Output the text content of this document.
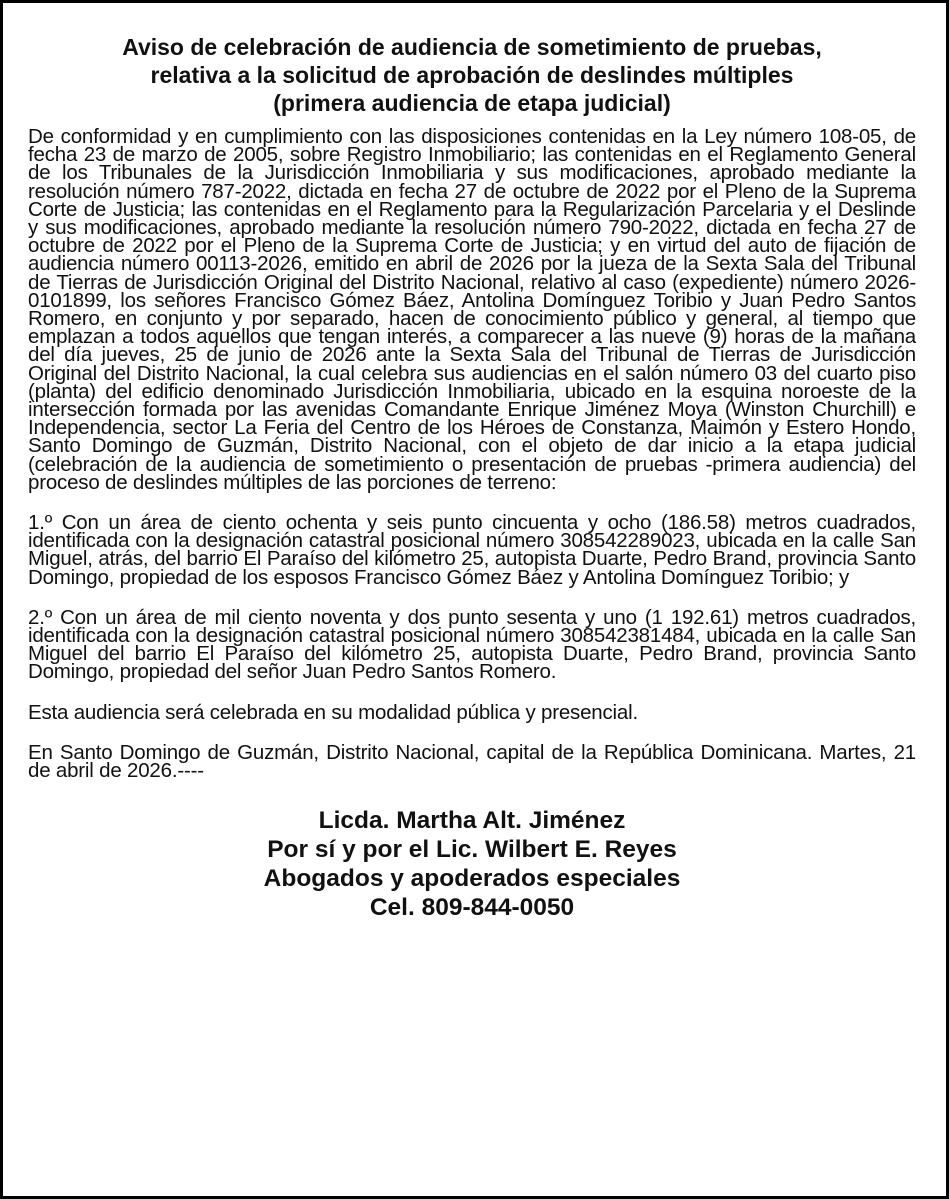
Aviso de celebración de audiencia de sometimiento de pruebas,
relativa a la solicitud de aprobación de deslindes múltiples
(primera audiencia de etapa judicial)

De conformidad y en cumplimiento con las disposiciones contenidas en la Ley número 108-05, de fecha 23 de marzo de 2005, sobre Registro Inmobiliario; las contenidas en el Reglamento General de los Tribunales de la Jurisdicción Inmobiliaria y sus modificaciones, aprobado mediante la resolución número 787-2022, dictada en fecha 27 de octubre de 2022 por el Pleno de la Suprema Corte de Justicia; las contenidas en el Reglamento para la Regularización Parcelaria y el Deslinde y sus modificaciones, aprobado mediante la resolución número 790-2022, dictada en fecha 27 de octubre de 2022 por el Pleno de la Suprema Corte de Justicia; y en virtud del auto de fijación de audiencia número 00113-2026, emitido en abril de 2026 por la jueza de la Sexta Sala del Tribunal de Tierras de Jurisdicción Original del Distrito Nacional, relativo al caso (expediente) número 2026-0101899, los señores Francisco Gómez Báez, Antolina Domínguez Toribio y Juan Pedro Santos Romero, en conjunto y por separado, hacen de conocimiento público y general, al tiempo que emplazan a todos aquellos que tengan interés, a comparecer a las nueve (9) horas de la mañana del día jueves, 25 de junio de 2026 ante la Sexta Sala del Tribunal de Tierras de Jurisdicción Original del Distrito Nacional, la cual celebra sus audiencias en el salón número 03 del cuarto piso (planta) del edificio denominado Jurisdicción Inmobiliaria, ubicado en la esquina noroeste de la intersección formada por las avenidas Comandante Enrique Jiménez Moya (Winston Churchill) e Independencia, sector La Feria del Centro de los Héroes de Constanza, Maimón y Estero Hondo, Santo Domingo de Guzmán, Distrito Nacional, con el objeto de dar inicio a la etapa judicial (celebración de la audiencia de sometimiento o presentación de pruebas -primera audiencia) del proceso de deslindes múltiples de las porciones de terreno:

1.º Con un área de ciento ochenta y seis punto cincuenta y ocho (186.58) metros cuadrados, identificada con la designación catastral posicional número 308542289023, ubicada en la calle San Miguel, atrás, del barrio El Paraíso del kilómetro 25, autopista Duarte, Pedro Brand, provincia Santo Domingo, propiedad de los esposos Francisco Gómez Báez y Antolina Domínguez Toribio; y

2.º Con un área de mil ciento noventa y dos punto sesenta y uno (1 192.61) metros cuadrados, identificada con la designación catastral posicional número 308542381484, ubicada en la calle San Miguel del barrio El Paraíso del kilómetro 25, autopista Duarte, Pedro Brand, provincia Santo Domingo, propiedad del señor Juan Pedro Santos Romero.

Esta audiencia será celebrada en su modalidad pública y presencial.

En Santo Domingo de Guzmán, Distrito Nacional, capital de la República Dominicana. Martes, 21 de abril de 2026.----

Licda. Martha Alt. Jiménez
Por sí y por el Lic. Wilbert E. Reyes
Abogados y apoderados especiales
Cel. 809-844-0050
